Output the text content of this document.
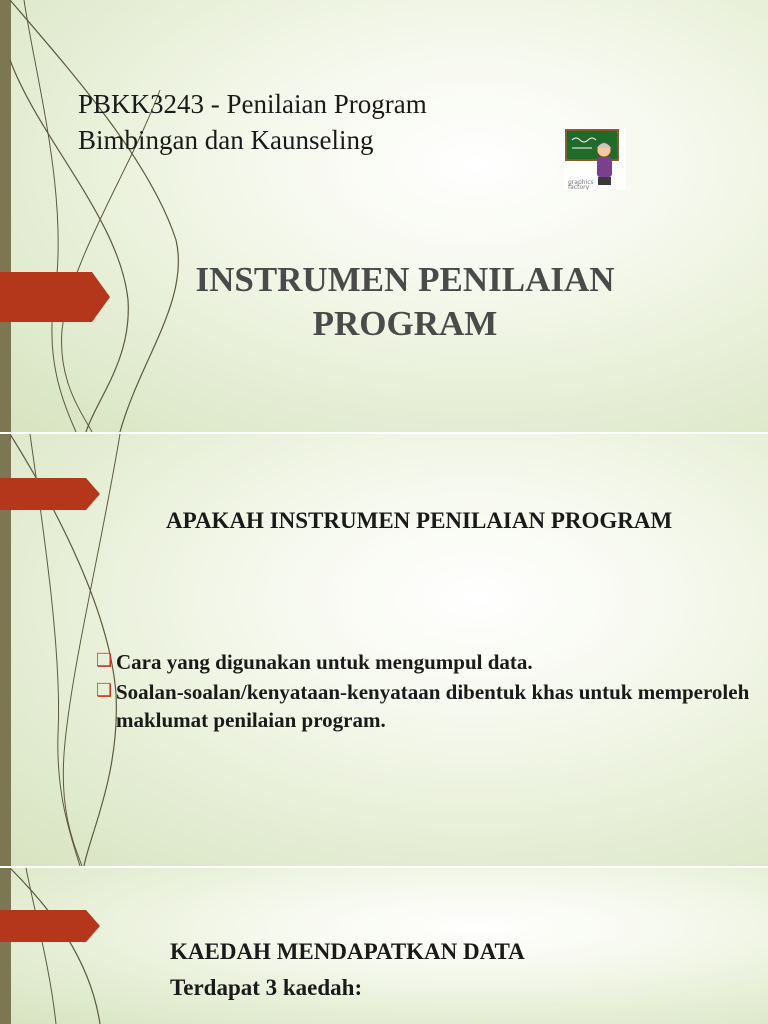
PBKK3243 - Penilaian Program
Bimbingan dan Kaunseling
graphics
factory
INSTRUMEN PENILAIAN
PROGRAM
APAKAH INSTRUMEN PENILAIAN PROGRAM
❑ Cara yang digunakan untuk mengumpul data.
❑ Soalan-soalan/kenyataan-kenyataan dibentuk khas untuk memperoleh maklumat penilaian program.
KAEDAH MENDAPATKAN DATA
Terdapat 3 kaedah:
